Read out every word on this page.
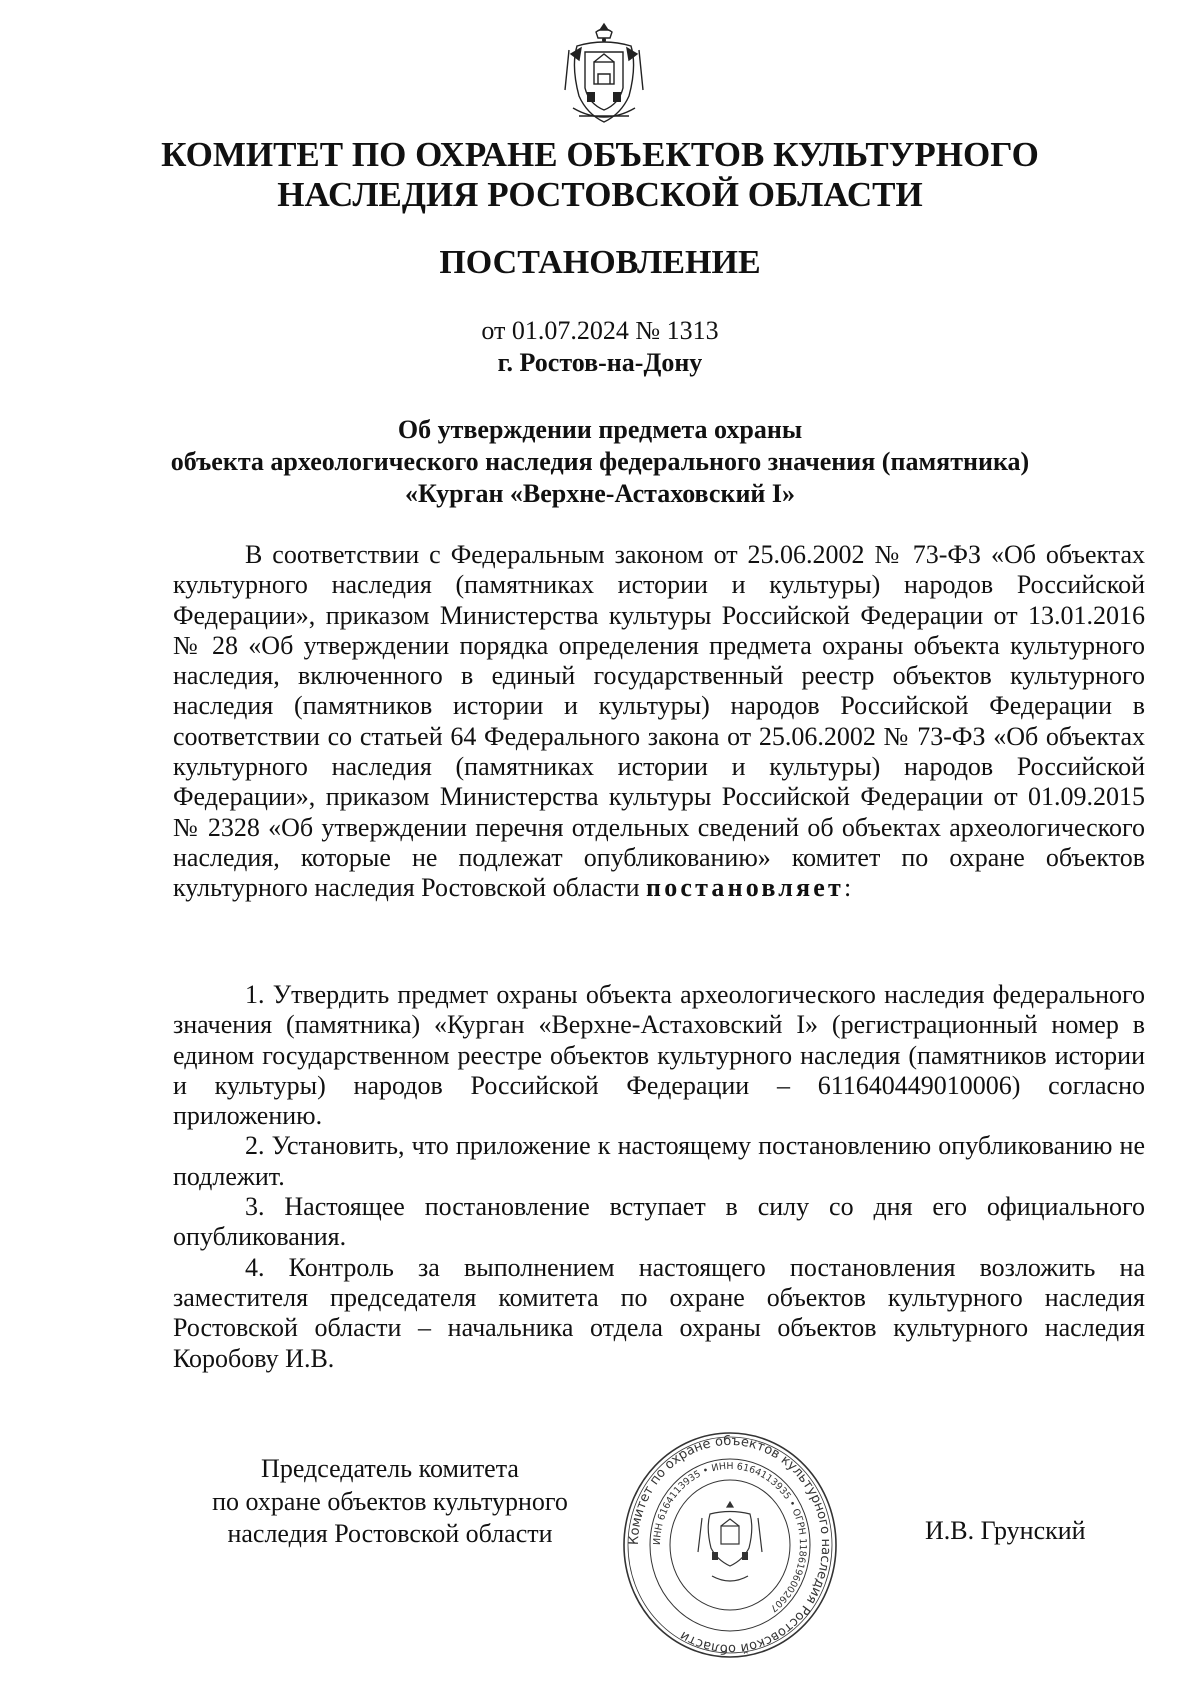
КОМИТЕТ ПО ОХРАНЕ ОБЪЕКТОВ КУЛЬТУРНОГО
НАСЛЕДИЯ РОСТОВСКОЙ ОБЛАСТИ
ПОСТАНОВЛЕНИЕ
от 01.07.2024 № 1313
г. Ростов-на-Дону
Об утверждении предмета охраны
объекта археологического наследия федерального значения (памятника)
«Курган «Верхне-Астаховский I»

В соответствии с Федеральным законом от 25.06.2002 № 73-ФЗ «Об объектах культурного наследия (памятниках истории и культуры) народов Российской Федерации», приказом Министерства культуры Российской Федерации от 13.01.2016 № 28 «Об утверждении порядка определения предмета охраны объекта культурного наследия, включенного в единый государственный реестр объектов культурного наследия (памятников истории и культуры) народов Российской Федерации в соответствии со статьей 64 Федерального закона от 25.06.2002 № 73-ФЗ «Об объектах культурного наследия (памятниках истории и культуры) народов Российской Федерации», приказом Министерства культуры Российской Федерации от 01.09.2015 № 2328 «Об утверждении перечня отдельных сведений об объектах археологического наследия, которые не подлежат опубликованию» комитет по охране объектов культурного наследия Ростовской области постановляет:

1. Утвердить предмет охраны объекта археологического наследия федерального значения (памятника) «Курган «Верхне-Астаховский I» (регистрационный номер в едином государственном реестре объектов культурного наследия (памятников истории и культуры) народов Российской Федерации – 611640449010006) согласно приложению.

2. Установить, что приложение к настоящему постановлению опубликованию не подлежит.

3. Настоящее постановление вступает в силу со дня его официального опубликования.

4. Контроль за выполнением настоящего постановления возложить на заместителя председателя комитета по охране объектов культурного наследия Ростовской области – начальника отдела охраны объектов культурного наследия Коробову И.В.

Председатель комитета
по охране объектов культурного
наследия Ростовской области	Комитет по охране объектов культурного наследия Ростовской области
ИНН 6164113935 • ИНН 6164113935 • ОГРН 1186196002607
И.В. Грунский
